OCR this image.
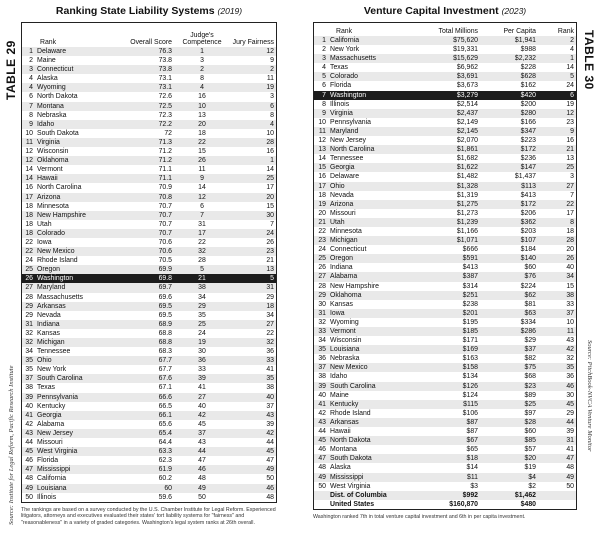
TABLE 29
Source: Institute for Legal Reform, Pacific Research Institute
Ranking State Liability Systems (2019)
Rank		Overall Score	Judge's Competence	Jury Fairness
1	Delaware	76.3	1	12
2	Maine	73.8	3	9
3	Connecticut	73.8	2	2
4	Alaska	73.1	8	11
4	Wyoming	73.1	4	19
6	North Dakota	72.6	16	3
7	Montana	72.5	10	6
8	Nebraska	72.3	13	8
9	Idaho	72.2	20	4
10	South Dakota	72	18	10
11	Virginia	71.3	22	28
12	Wisconsin	71.2	15	16
12	Oklahoma	71.2	26	1
14	Vermont	71.1	11	14
14	Hawaii	71.1	9	25
16	North Carolina	70.9	14	17
17	Arizona	70.8	12	20
18	Minnesota	70.7	6	15
18	New Hampshire	70.7	7	30
18	Utah	70.7	31	7
18	Colorado	70.7	17	24
22	Iowa	70.6	22	26
22	New Mexico	70.6	32	23
24	Rhode Island	70.5	28	21
25	Oregon	69.9	5	13
26	Washington	69.8	21	5
27	Maryland	69.7	38	31
28	Massachusetts	69.6	34	29
29	Arkansas	69.5	29	18
29	Nevada	69.5	35	34
31	Indiana	68.9	25	27
32	Kansas	68.8	24	22
32	Michigan	68.8	19	32
34	Tennessee	68.3	30	36
35	Ohio	67.7	36	33
35	New York	67.7	33	41
37	South Carolina	67.6	39	35
38	Texas	67.1	41	38
39	Pennsylvania	66.6	27	40
40	Kentucky	66.5	40	37
41	Georgia	66.1	42	43
42	Alabama	65.6	45	39
43	New Jersey	65.4	37	42
44	Missouri	64.4	43	44
45	West Virginia	63.3	44	45
46	Florida	62.3	47	47
47	Mississippi	61.9	46	49
48	California	60.2	48	50
49	Louisiana	60	49	46
50	Illinois	59.6	50	48
The rankings are based on a survey conducted by the U.S. Chamber Institute for Legal Reform. Experienced litigators, attorneys and executives evaluated their states' tort liability systems for "fairness" and "reasonableness" in a variety of graded categories. Washington's legal system ranks at 26th overall.
Venture Capital Investment (2023)
Rank		Total Millions	Per Capita	Rank
1	California	$75,620	$1,941	2
2	New York	$19,331	$988	4
3	Massachusetts	$15,629	$2,232	1
4	Texas	$6,962	$228	14
5	Colorado	$3,691	$628	5
6	Florida	$3,673	$162	24
7	Washington	$3,279	$420	6
8	Illinois	$2,514	$200	19
9	Virginia	$2,437	$280	12
10	Pennsylvania	$2,149	$166	23
11	Maryland	$2,145	$347	9
12	New Jersey	$2,070	$223	16
13	North Carolina	$1,861	$172	21
14	Tennessee	$1,682	$236	13
15	Georgia	$1,622	$147	25
16	Delaware	$1,482	$1,437	3
17	Ohio	$1,328	$113	27
18	Nevada	$1,319	$413	7
19	Arizona	$1,275	$172	22
20	Missouri	$1,273	$206	17
21	Utah	$1,239	$362	8
22	Minnesota	$1,166	$203	18
23	Michigan	$1,071	$107	28
24	Connecticut	$666	$184	20
25	Oregon	$591	$140	26
26	Indiana	$413	$60	40
27	Alabama	$387	$76	34
28	New Hampshire	$314	$224	15
29	Oklahoma	$251	$62	38
30	Kansas	$238	$81	33
31	Iowa	$201	$63	37
32	Wyoming	$195	$334	10
33	Vermont	$185	$286	11
34	Wisconsin	$171	$29	43
35	Louisiana	$169	$37	42
36	Nebraska	$163	$82	32
37	New Mexico	$158	$75	35
38	Idaho	$134	$68	36
39	South Carolina	$126	$23	46
40	Maine	$124	$89	30
41	Kentucky	$115	$25	45
42	Rhode Island	$106	$97	29
43	Arkansas	$87	$28	44
44	Hawaii	$87	$60	39
45	North Dakota	$67	$85	31
46	Montana	$65	$57	41
47	South Dakota	$18	$20	47
48	Alaska	$14	$19	48
49	Mississippi	$11	$4	49
50	West Virginia	$3	$2	50
	Dist. of Columbia	$992	$1,462	
	United States	$160,870	$480	
Washington ranked 7th in total venture capital investment and 6th in per capita investment.
TABLE 30
Source: PitchBook-NVCA Venture Monitor
